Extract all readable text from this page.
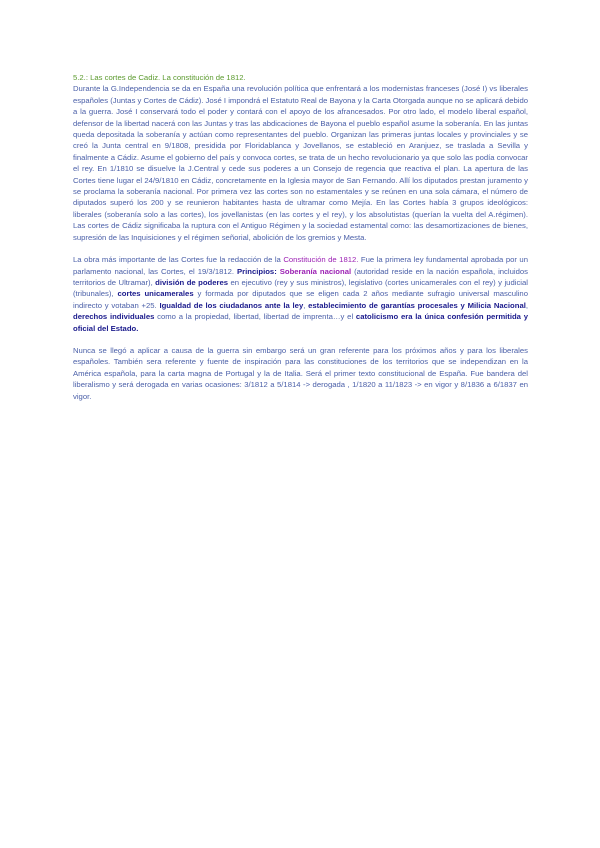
5.2.: Las cortes de Cadiz. La constitución de 1812.

Durante la G.Independencia se da en España una revolución política que enfrentará a los modernistas franceses (José I) vs liberales españoles (Juntas y Cortes de Cádiz). José I impondrá el Estatuto Real de Bayona y la Carta Otorgada aunque no se aplicará debido a la guerra. José I conservará todo el poder y contará con el apoyo de los afrancesados. Por otro lado, el modelo liberal español, defensor de la libertad nacerá con las Juntas y tras las abdicaciones de Bayona el pueblo español asume la soberanía. En las juntas queda depositada la soberanía y actúan como representantes del pueblo. Organizan las primeras juntas locales y provinciales y se creó la Junta central en 9/1808, presidida por Floridablanca y Jovellanos, se estableció en Aranjuez, se traslada a Sevilla y finalmente a Cádiz. Asume el gobierno del país y convoca cortes, se trata de un hecho revolucionario ya que solo las podía convocar el rey. En 1/1810 se disuelve la J.Central y cede sus poderes a un Consejo de regencia que reactiva el plan. La apertura de las Cortes tiene lugar el 24/9/1810 en Cádiz, concretamente en la Iglesia mayor de San Fernando. Allí los diputados prestan juramento y se proclama la soberanía nacional. Por primera vez las cortes son no estamentales y se reúnen en una sola cámara, el número de diputados superó los 200 y se reunieron habitantes hasta de ultramar como Mejía. En las Cortes había 3 grupos ideológicos: liberales (soberanía solo a las cortes), los jovellanistas (en las cortes y el rey), y los absolutistas (querían la vuelta del A.régimen). Las cortes de Cádiz significaba la ruptura con el Antiguo Régimen y la sociedad estamental como: las desamortizaciones de bienes, supresión de las Inquisiciones y el régimen señorial, abolición de los gremios y Mesta.

La obra más importante de las Cortes fue la redacción de la Constitución de 1812. Fue la primera ley fundamental aprobada por un parlamento nacional, las Cortes, el 19/3/1812. Principios: Soberanía nacional (autoridad reside en la nación española, incluidos territorios de Ultramar), división de poderes en ejecutivo (rey y sus ministros), legislativo (cortes unicamerales con el rey) y judicial (tribunales), cortes unicamerales y formada por diputados que se eligen cada 2 años mediante sufragio universal masculino indirecto y votaban +25. Igualdad de los ciudadanos ante la ley, establecimiento de garantías procesales y Milicia Nacional, derechos individuales como a la propiedad, libertad, libertad de imprenta…y el catolicismo era la única confesión permitida y oficial del Estado.

Nunca se llegó a aplicar a causa de la guerra sin embargo será un gran referente para los próximos años y para los liberales españoles. También sera referente y fuente de inspiración para las constituciones de los territorios que se independizan en la América española, para la carta magna de Portugal y la de Italia. Será el primer texto constitucional de España. Fue bandera del liberalismo y será derogada en varias ocasiones: 3/1812 a 5/1814 -> derogada , 1/1820 a 11/1823 -> en vigor y 8/1836 a 6/1837 en vigor.
